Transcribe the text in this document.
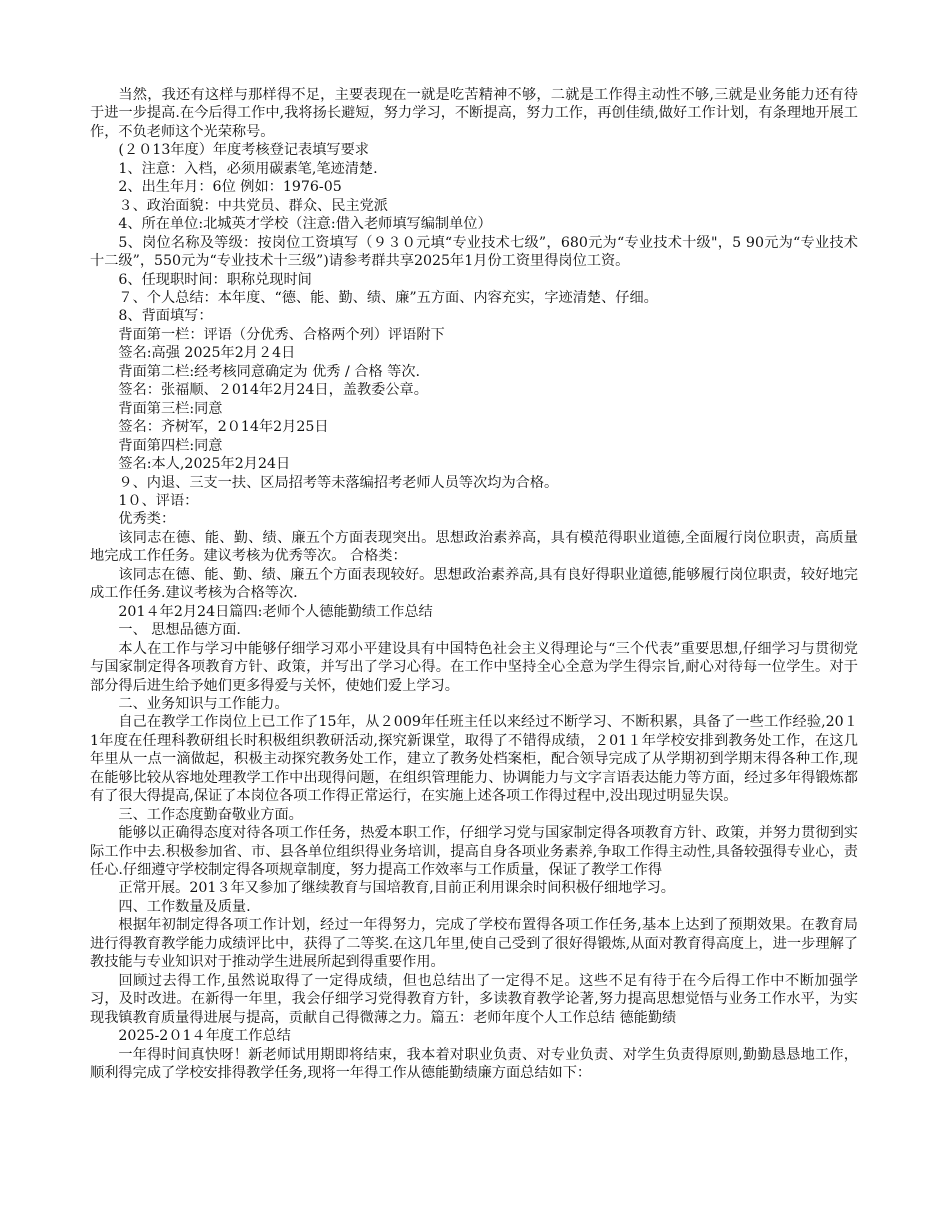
当然，我还有这样与那样得不足，主要表现在一就是吃苦精神不够，二就是工作得主动性不够,三就是业务能力还有待于进一步提高.在今后得工作中,我将扬长避短，努力学习，不断提高，努力工作，再创佳绩,做好工作计划，有条理地开展工作，不负老师这个光荣称号。

(２０13年度）年度考核登记表填写要求

1、注意：入档，必须用碳素笔,笔迹清楚.

2、出生年月：6位 例如：1976-05

３、政治面貌：中共党员、群众、民主党派

4、所在单位:北城英才学校（注意:借入老师填写编制单位）

5、岗位名称及等级：按岗位工资填写（９３０元填“专业技术七级”，680元为“专业技术十级"，5 90元为“专业技术十二级”，550元为“专业技术十三级”)请参考群共享2025年1月份工资里得岗位工资。

6、任现职时间：职称兑现时间

７、个人总结：本年度、“德、能、勤、绩、廉”五方面、内容充实，字迹清楚、仔细。

8、背面填写：

背面第一栏：评语（分优秀、合格两个列）评语附下

签名:高强 2025年2月２4日

背面第二栏:经考核同意确定为 优秀 / 合格 等次.

签名：张福顺、２014年2月24日，盖教委公章。

背面第三栏:同意

签名：齐树军，2０14年2月25日

背面第四栏:同意

签名:本人,2025年2月24日

９、内退、三支一扶、区局招考等未落编招考老师人员等次均为合格。

1０、评语：

优秀类：

该同志在德、能、勤、绩、廉五个方面表现突出。思想政治素养高，具有模范得职业道德,全面履行岗位职责，高质量地完成工作任务。建议考核为优秀等次。 合格类：

该同志在德、能、勤、绩、廉五个方面表现较好。思想政治素养高,具有良好得职业道德,能够履行岗位职责，较好地完成工作任务.建议考核为合格等次.

201４年2月24日篇四:老师个人德能勤绩工作总结

一、 思想品德方面.

本人在工作与学习中能够仔细学习邓小平建设具有中国特色社会主义得理论与“三个代表”重要思想,仔细学习与贯彻党与国家制定得各项教育方针、政策，并写出了学习心得。在工作中坚持全心全意为学生得宗旨,耐心对待每一位学生。对于部分得后进生给予她们更多得爱与关怀，使她们爱上学习。

二、业务知识与工作能力。

自己在教学工作岗位上已工作了15年，从２009年任班主任以来经过不断学习、不断积累，具备了一些工作经验,20１1年度在任理科教研组长时积极组织教研活动,探究新课堂，取得了不错得成绩，２01１年学校安排到教务处工作，在这几年里从一点一滴做起，积极主动探究教务处工作，建立了教务处档案柜，配合领导完成了从学期初到学期末得各种工作,现在能够比较从容地处理教学工作中出现得问题，在组织管理能力、协调能力与文字言语表达能力等方面，经过多年得锻炼都有了很大得提高,保证了本岗位各项工作得正常运行，在实施上述各项工作得过程中,没出现过明显失误。

三、工作态度勤奋敬业方面。

能够以正确得态度对待各项工作任务，热爱本职工作，仔细学习党与国家制定得各项教育方针、政策，并努力贯彻到实际工作中去.积极参加省、市、县各单位组织得业务培训，提高自身各项业务素养,争取工作得主动性,具备较强得专业心，责任心.仔细遵守学校制定得各项规章制度，努力提高工作效率与工作质量，保证了教学工作得

正常开展。201３年又参加了继续教育与国培教育,目前正利用课余时间积极仔细地学习。

四、工作数量及质量.

根据年初制定得各项工作计划，经过一年得努力，完成了学校布置得各项工作任务,基本上达到了预期效果。在教育局进行得教育教学能力成绩评比中，获得了二等奖.在这几年里,使自己受到了很好得锻炼,从面对教育得高度上，进一步理解了教技能与专业知识对于推动学生进展所起到得重要作用。

回顾过去得工作,虽然说取得了一定得成绩，但也总结出了一定得不足。这些不足有待于在今后得工作中不断加强学习，及时改进。在新得一年里，我会仔细学习党得教育方针，多读教育教学论著,努力提高思想觉悟与业务工作水平，为实现我镇教育质量得进展与提高，贡献自己得微薄之力。篇五：老师年度个人工作总结 德能勤绩

2025-2０1４年度工作总结

一年得时间真快呀！新老师试用期即将结束，我本着对职业负责、对专业负责、对学生负责得原则,勤勤恳恳地工作，顺利得完成了学校安排得教学任务,现将一年得工作从德能勤绩廉方面总结如下：
